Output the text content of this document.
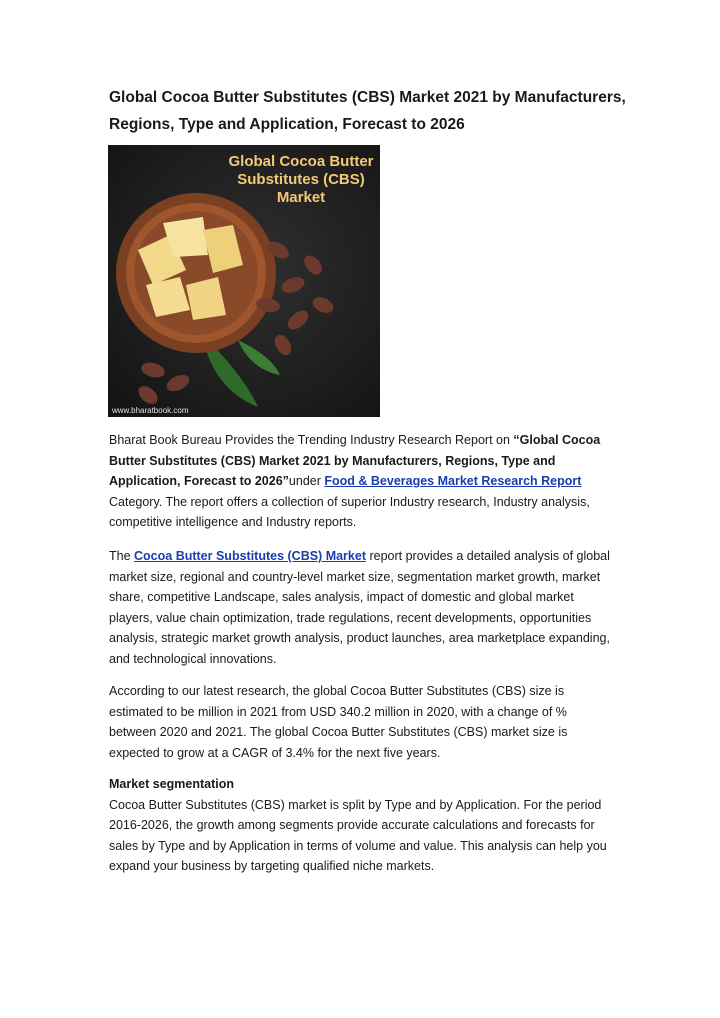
Global Cocoa Butter Substitutes (CBS) Market 2021 by Manufacturers, Regions, Type and Application, Forecast to 2026
Global Cocoa Butter Substitutes (CBS) Market
www.bharatbook.com

Bharat Book Bureau Provides the Trending Industry Research Report on “Global Cocoa Butter Substitutes (CBS) Market 2021 by Manufacturers, Regions, Type and Application, Forecast to 2026”under Food & Beverages Market Research Report Category. The report offers a collection of superior Industry research, Industry analysis, competitive intelligence and Industry reports.

The Cocoa Butter Substitutes (CBS) Market report provides a detailed analysis of global market size, regional and country-level market size, segmentation market growth, market share, competitive Landscape, sales analysis, impact of domestic and global market players, value chain optimization, trade regulations, recent developments, opportunities analysis, strategic market growth analysis, product launches, area marketplace expanding, and technological innovations.

According to our latest research, the global Cocoa Butter Substitutes (CBS) size is estimated to be million in 2021 from USD 340.2 million in 2020, with a change of % between 2020 and 2021. The global Cocoa Butter Substitutes (CBS) market size is expected to grow at a CAGR of 3.4% for the next five years.

Market segmentation
Cocoa Butter Substitutes (CBS) market is split by Type and by Application. For the period 2016-2026, the growth among segments provide accurate calculations and forecasts for sales by Type and by Application in terms of volume and value. This analysis can help you expand your business by targeting qualified niche markets.
